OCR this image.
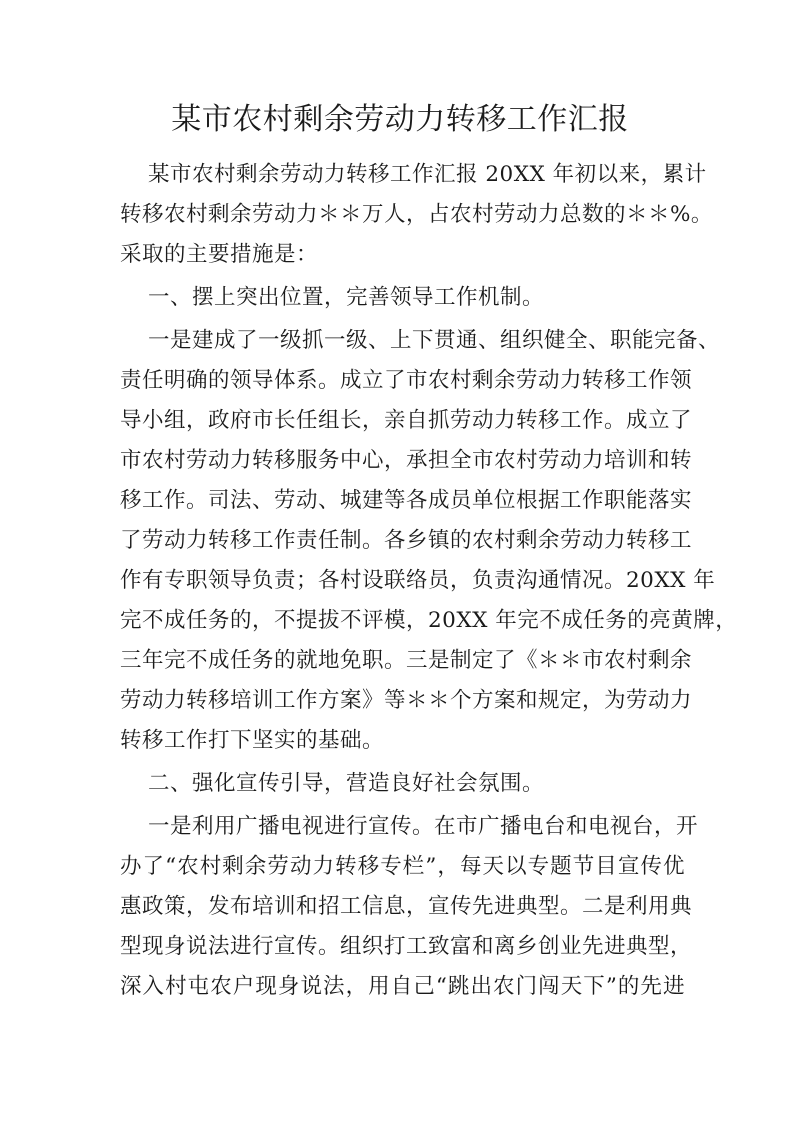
某市农村剩余劳动力转移工作汇报
某市农村剩余劳动力转移工作汇报 20XX 年初以来，累计
转移农村剩余劳动力＊＊万人，占农村劳动力总数的＊＊%。
采取的主要措施是：
一、摆上突出位置，完善领导工作机制。
一是建成了一级抓一级、上下贯通、组织健全、职能完备、
责任明确的领导体系。成立了市农村剩余劳动力转移工作领
导小组，政府市长任组长，亲自抓劳动力转移工作。成立了
市农村劳动力转移服务中心，承担全市农村劳动力培训和转
移工作。司法、劳动、城建等各成员单位根据工作职能落实
了劳动力转移工作责任制。各乡镇的农村剩余劳动力转移工
作有专职领导负责；各村设联络员，负责沟通情况。20XX 年
完不成任务的，不提拔不评模，20XX 年完不成任务的亮黄牌，
三年完不成任务的就地免职。三是制定了《＊＊市农村剩余
劳动力转移培训工作方案》等＊＊个方案和规定，为劳动力
转移工作打下坚实的基础。
二、强化宣传引导，营造良好社会氛围。
一是利用广播电视进行宣传。在市广播电台和电视台，开
办了“农村剩余劳动力转移专栏”，每天以专题节目宣传优
惠政策，发布培训和招工信息，宣传先进典型。二是利用典
型现身说法进行宣传。组织打工致富和离乡创业先进典型，
深入村屯农户现身说法，用自己“跳出农门闯天下”的先进
